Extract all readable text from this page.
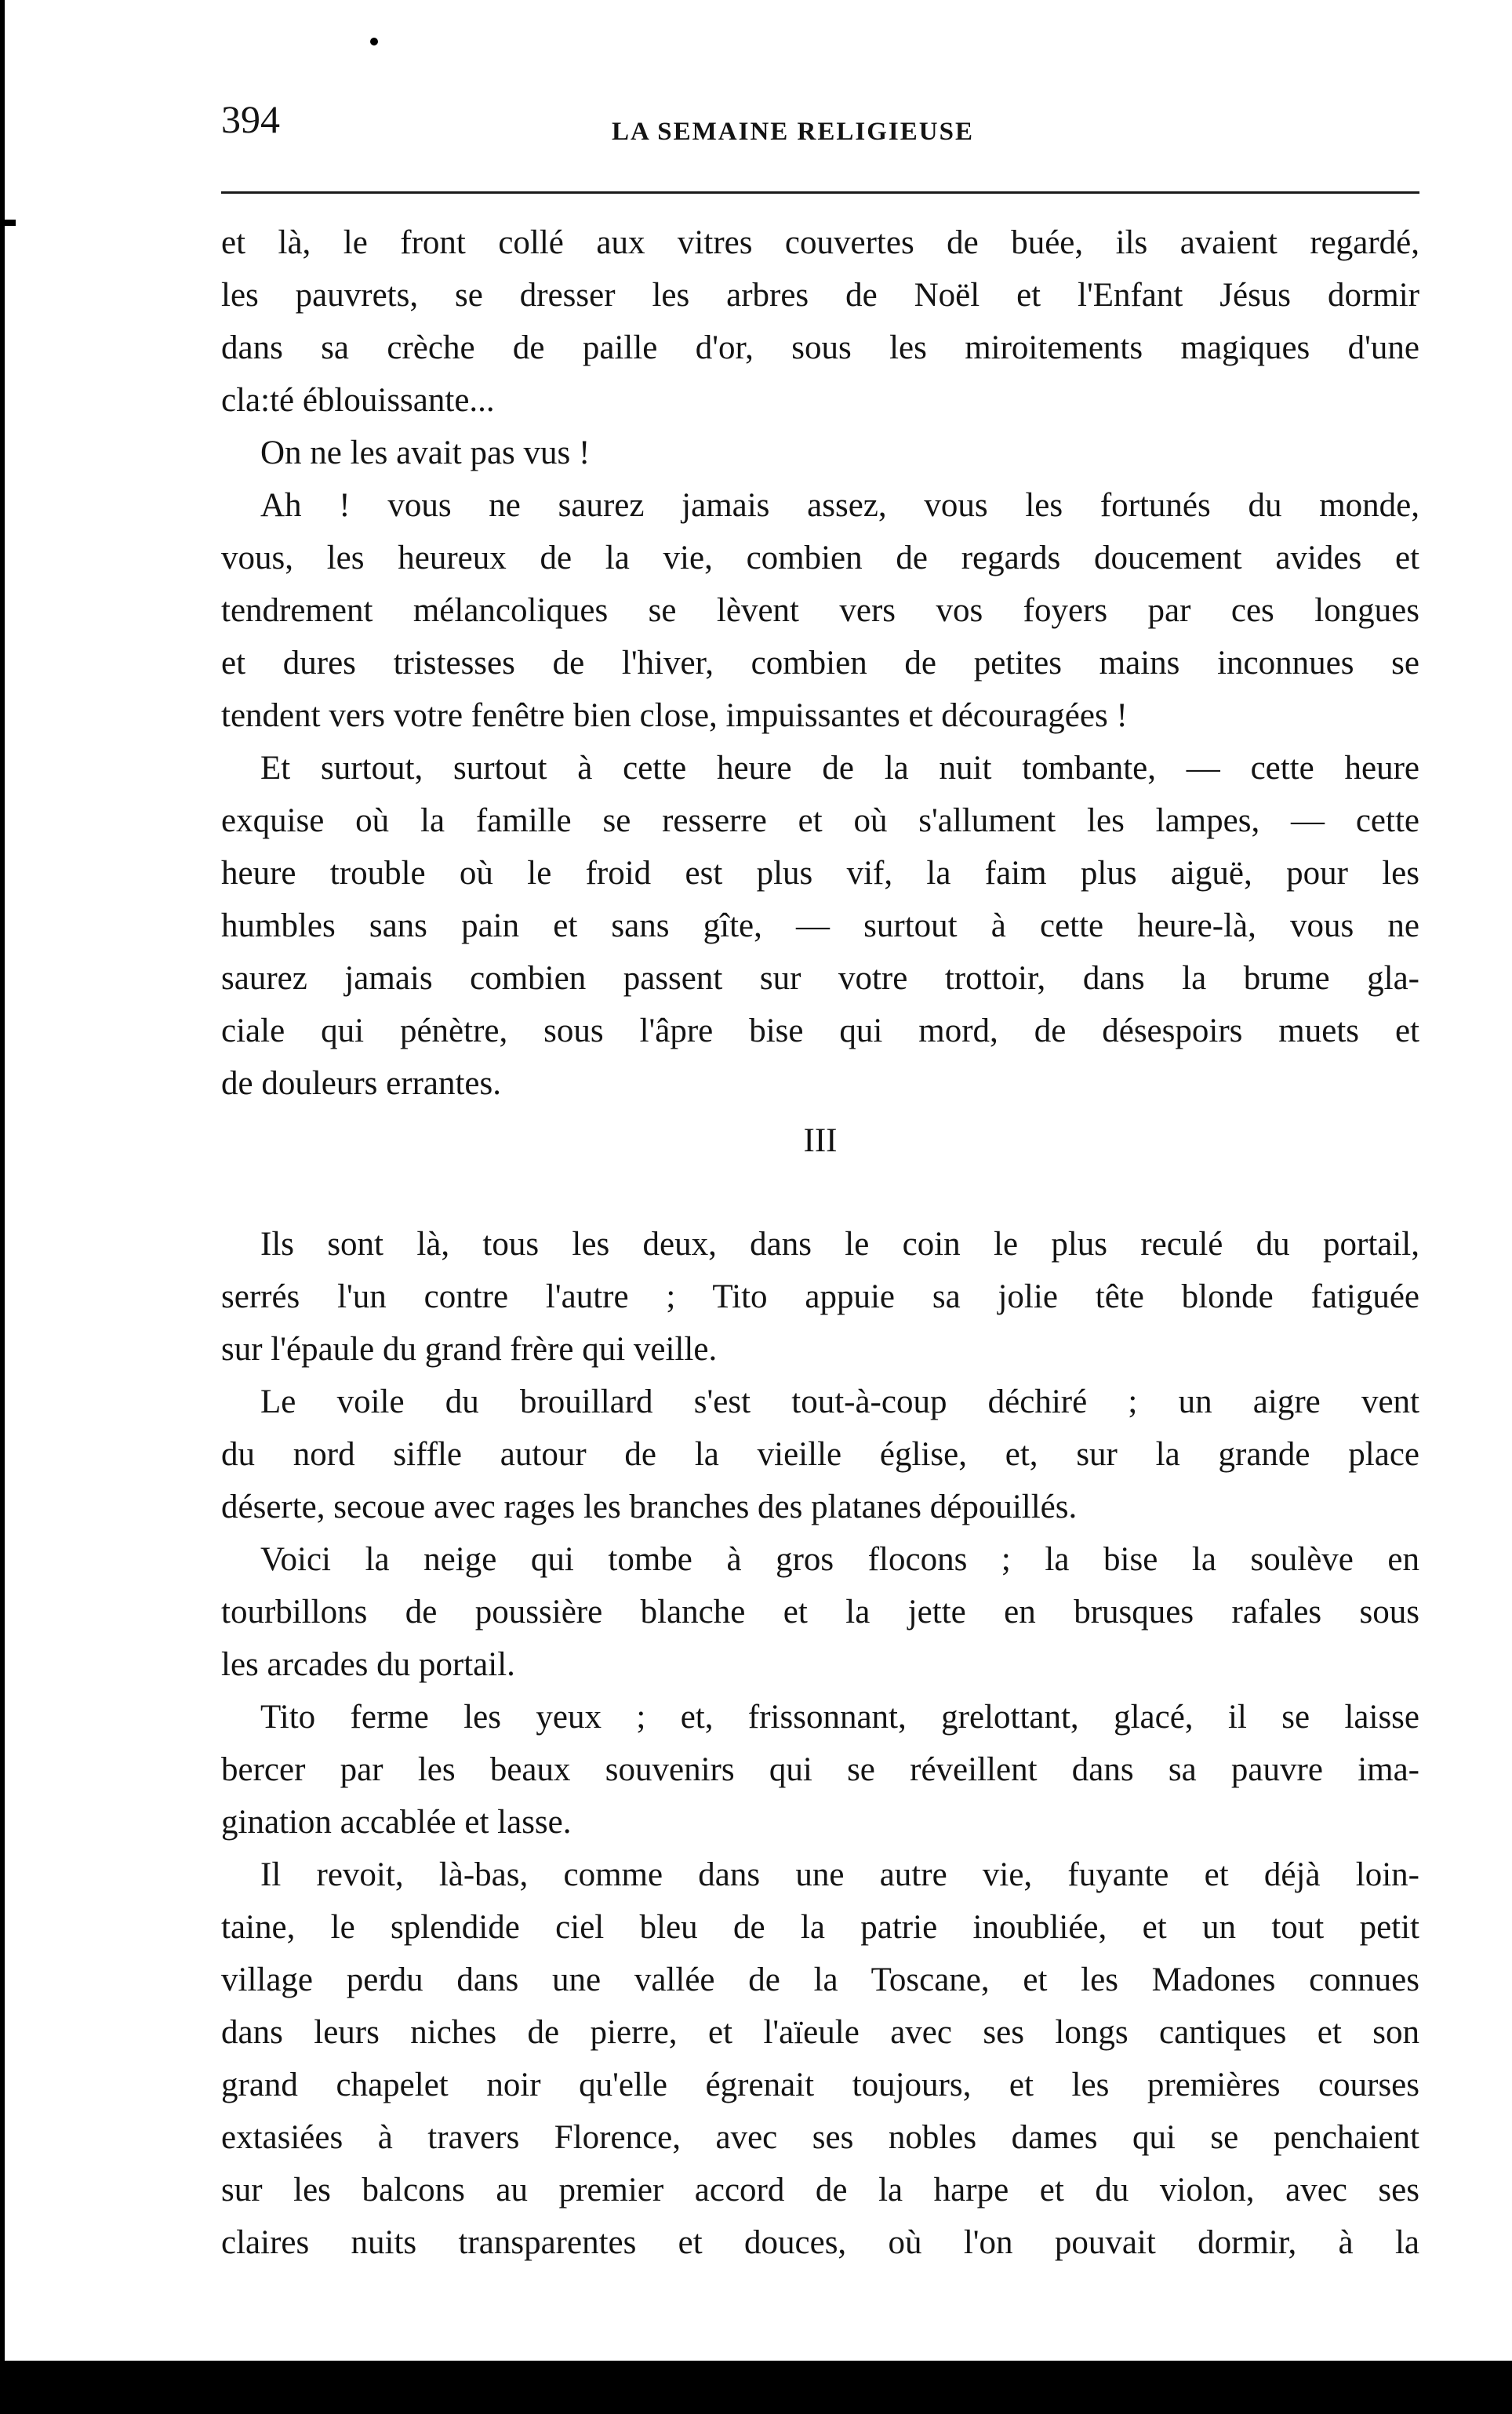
394	LA SEMAINE RELIGIEUSE
et là, le front collé aux vitres couvertes de buée, ils avaient regardé,
les pauvrets, se dresser les arbres de Noël et l'Enfant Jésus dormir
dans sa crèche de paille d'or, sous les miroitements magiques d'une
cla:té éblouissante...
On ne les avait pas vus !
Ah ! vous ne saurez jamais assez, vous les fortunés du monde,
vous, les heureux de la vie, combien de regards doucement avides et
tendrement mélancoliques se lèvent vers vos foyers par ces longues
et dures tristesses de l'hiver, combien de petites mains inconnues se
tendent vers votre fenêtre bien close, impuissantes et découragées !
Et surtout, surtout à cette heure de la nuit tombante, — cette heure
exquise où la famille se resserre et où s'allument les lampes, — cette
heure trouble où le froid est plus vif, la faim plus aiguë, pour les
humbles sans pain et sans gîte, — surtout à cette heure-là, vous ne
saurez jamais combien passent sur votre trottoir, dans la brume gla-
ciale qui pénètre, sous l'âpre bise qui mord, de désespoirs muets et
de douleurs errantes.
III
Ils sont là, tous les deux, dans le coin le plus reculé du portail,
serrés l'un contre l'autre ; Tito appuie sa jolie tête blonde fatiguée
sur l'épaule du grand frère qui veille.
Le voile du brouillard s'est tout-à-coup déchiré ; un aigre vent
du nord siffle autour de la vieille église, et, sur la grande place
déserte, secoue avec rages les branches des platanes dépouillés.
Voici la neige qui tombe à gros flocons ; la bise la soulève en
tourbillons de poussière blanche et la jette en brusques rafales sous
les arcades du portail.
Tito ferme les yeux ; et, frissonnant, grelottant, glacé, il se laisse
bercer par les beaux souvenirs qui se réveillent dans sa pauvre ima-
gination accablée et lasse.
Il revoit, là-bas, comme dans une autre vie, fuyante et déjà loin-
taine, le splendide ciel bleu de la patrie inoubliée, et un tout petit
village perdu dans une vallée de la Toscane, et les Madones connues
dans leurs niches de pierre, et l'aïeule avec ses longs cantiques et son
grand chapelet noir qu'elle égrenait toujours, et les premières courses
extasiées à travers Florence, avec ses nobles dames qui se penchaient
sur les balcons au premier accord de la harpe et du violon, avec ses
claires nuits transparentes et douces, où l'on pouvait dormir, à la
